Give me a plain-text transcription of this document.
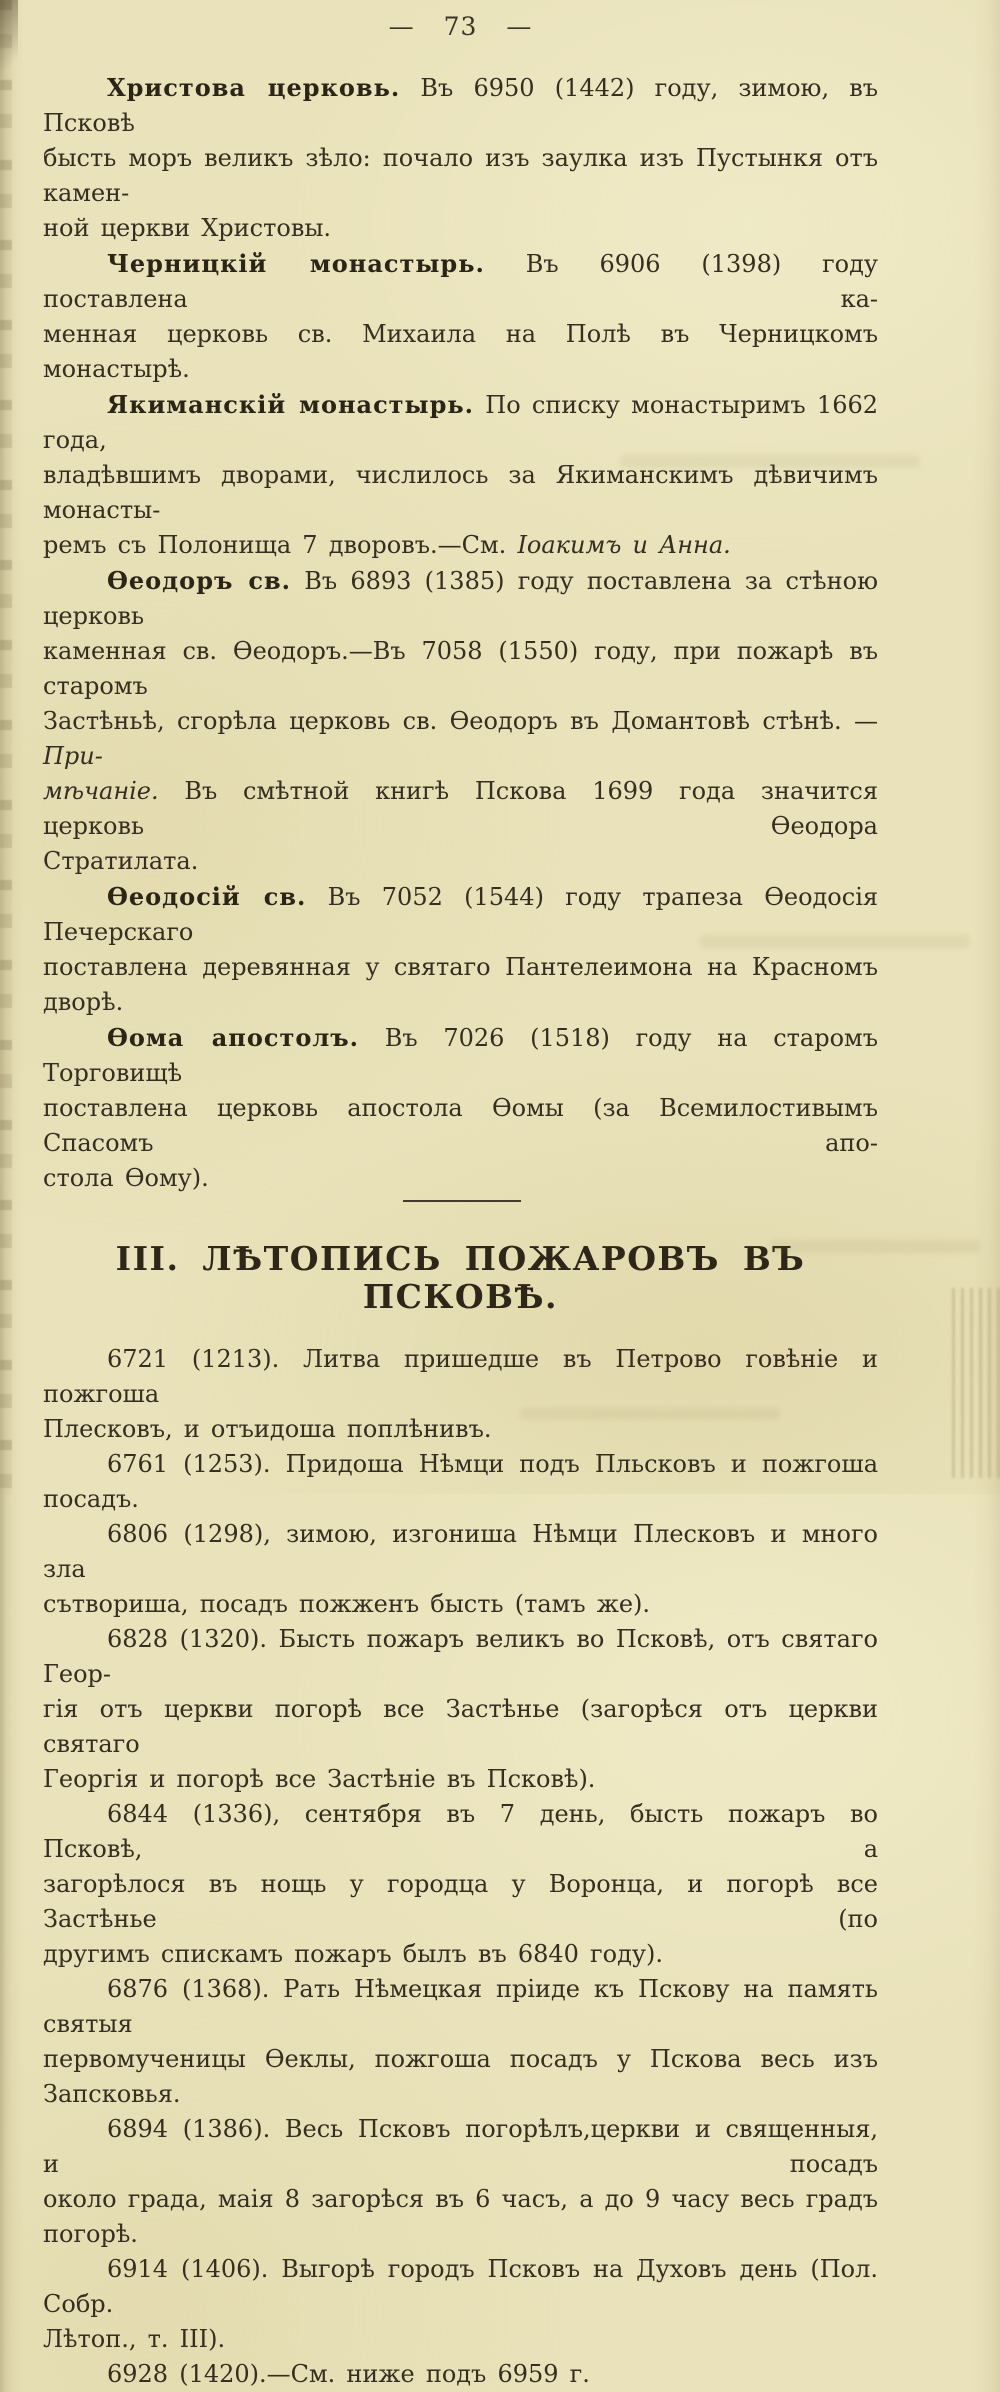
— 73 —
Христова церковь. Въ 6950 (1442) году, зимою, въ Псковѣ
бысть моръ великъ зѣло: почало изъ заулка изъ Пустынкя отъ камен-
ной церкви Христовы.
Черницкій монастырь. Въ 6906 (1398) году поставлена ка-
менная церковь св. Михаила на Полѣ въ Черницкомъ монастырѣ.
Якиманскій монастырь. По списку монастыримъ 1662 года,
владѣвшимъ дворами, числилось за Якиманскимъ дѣвичимъ монасты-
ремъ съ Полонища 7 дворовъ.—См. Іоакимъ и Анна.
Ѳеодоръ св. Въ 6893 (1385) году поставлена за стѣною церковь
каменная св. Ѳеодоръ.—Въ 7058 (1550) году, при пожарѣ въ старомъ
Застѣньѣ, сгорѣла церковь св. Ѳеодоръ въ Домантовѣ стѣнѣ. — При-
мѣчаніе. Въ смѣтной книгѣ Пскова 1699 года значится церковь Ѳеодора
Стратилата.
Ѳеодосій св. Въ 7052 (1544) году трапеза Ѳеодосія Печерскаго
поставлена деревянная у святаго Пантелеимона на Красномъ дворѣ.
Ѳома апостолъ. Въ 7026 (1518) году на старомъ Торговищѣ
поставлена церковь апостола Ѳомы (за Всемилостивымъ Спасомъ апо-
стола Ѳому).
III. ЛѢТОПИСЬ ПОЖАРОВЪ ВЪ ПСКОВѢ.
6721 (1213). Литва пришедше въ Петрово говѣніе и пожгоша
Плесковъ, и отъидоша поплѣнивъ.
6761 (1253). Придоша Нѣмци подъ Пльсковъ и пожгоша посадъ.
6806 (1298), зимою, изгониша Нѣмци Плесковъ и много зла
сътвориша, посадъ пожженъ бысть (тамъ же).
6828 (1320). Бысть пожаръ великъ во Псковѣ, отъ святаго Геор-
гія отъ церкви погорѣ все Застѣнье (загорѣся отъ церкви святаго
Георгія и погорѣ все Застѣніе въ Псковѣ).
6844 (1336), сентября въ 7 день, бысть пожаръ во Псковѣ, а
загорѣлося въ нощь у городца у Воронца, и погорѣ все Застѣнье (по
другимъ спискамъ пожаръ былъ въ 6840 году).
6876 (1368). Рать Нѣмецкая пріиде къ Пскову на память святыя
первомученицы Ѳеклы, пожгоша посадъ у Пскова весь изъ Запсковья.
6894 (1386). Весь Псковъ погорѣлъ,церкви и священныя, и посадъ
около града, маія 8 загорѣся въ 6 часъ, а до 9 часу весь градъ погорѣ.
6914 (1406). Выгорѣ городъ Псковъ на Духовъ день (Пол. Собр.
Лѣтоп., т. III).
6928 (1420).—См. ниже подъ 6959 г.
